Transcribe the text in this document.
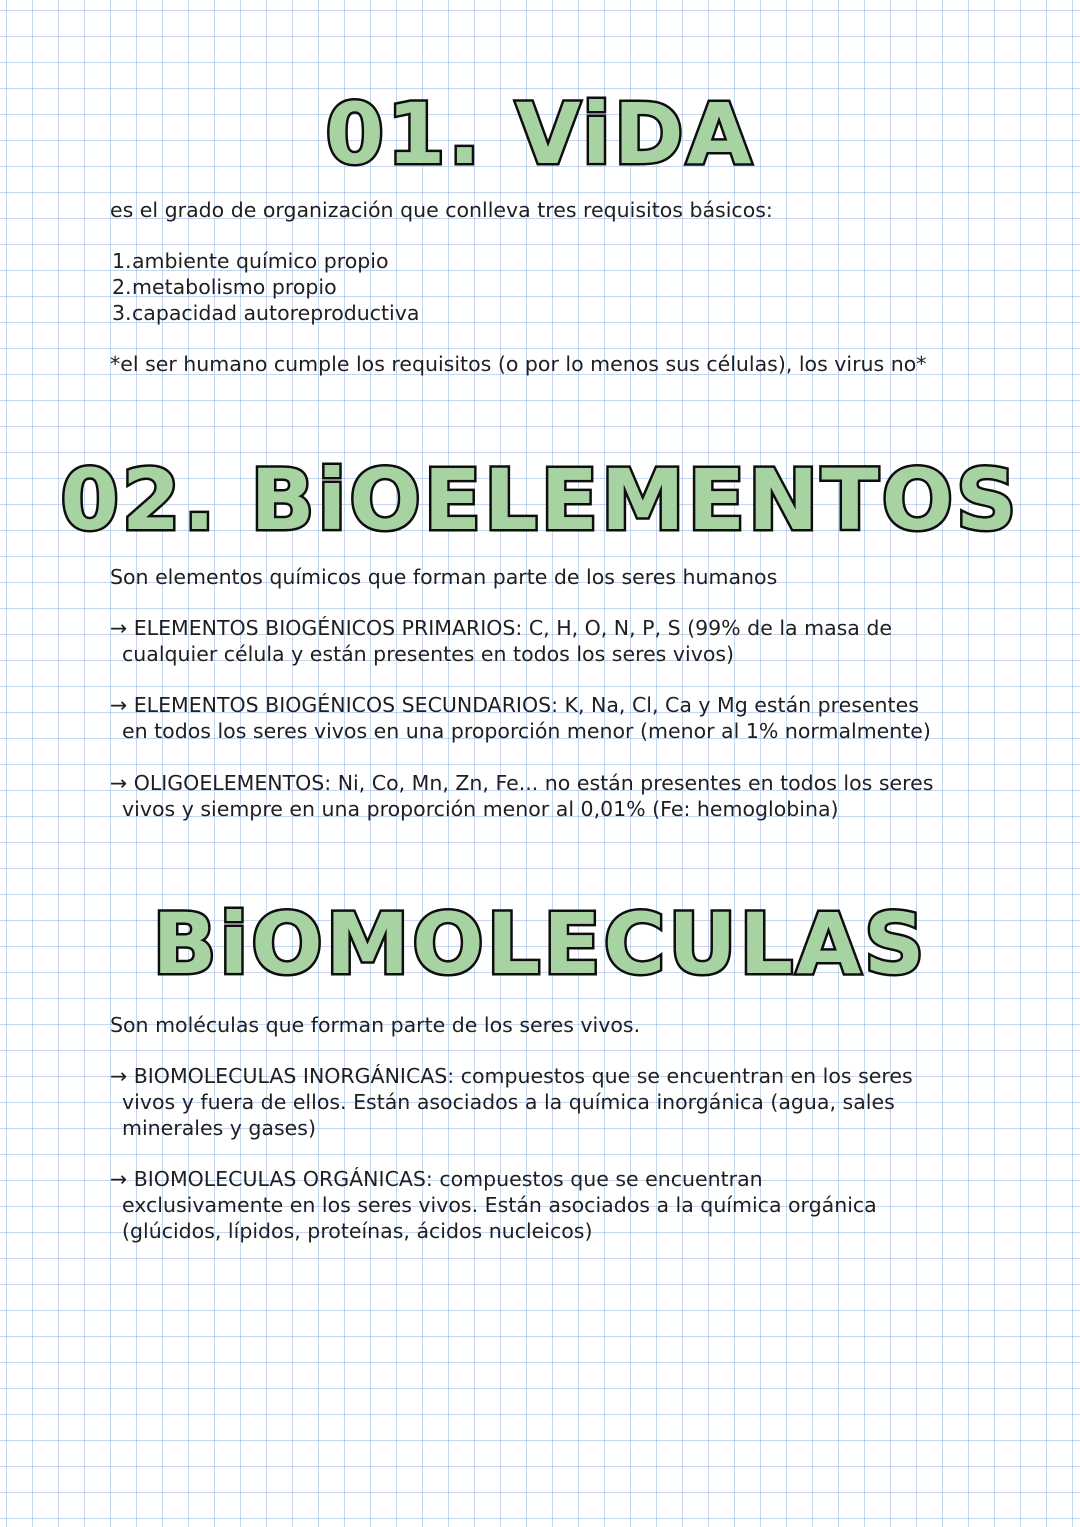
01. ViDA
es el grado de organización que conlleva tres requisitos básicos:
1.ambiente químico propio
2.metabolismo propio
3.capacidad autoreproductiva
*el ser humano cumple los requisitos (o por lo menos sus células), los virus no*
02. BiOELEMENTOS
Son elementos químicos que forman parte de los seres humanos
→ ELEMENTOS BIOGÉNICOS PRIMARIOS: C, H, O, N, P, S (99% de la masa de
cualquier célula y están presentes en todos los seres vivos)
→ ELEMENTOS BIOGÉNICOS SECUNDARIOS: K, Na, Cl, Ca y Mg están presentes
en todos los seres vivos en una proporción menor (menor al 1% normalmente)
→ OLIGOELEMENTOS: Ni, Co, Mn, Zn, Fe... no están presentes en todos los seres
vivos y siempre en una proporción menor al 0,01% (Fe: hemoglobina)
BiOMOLECULAS
Son moléculas que forman parte de los seres vivos.
→ BIOMOLECULAS INORGÁNICAS: compuestos que se encuentran en los seres
vivos y fuera de ellos. Están asociados a la química inorgánica (agua, sales
minerales y gases)
→ BIOMOLECULAS ORGÁNICAS: compuestos que se encuentran
exclusivamente en los seres vivos. Están asociados a la química orgánica
(glúcidos, lípidos, proteínas, ácidos nucleicos)
